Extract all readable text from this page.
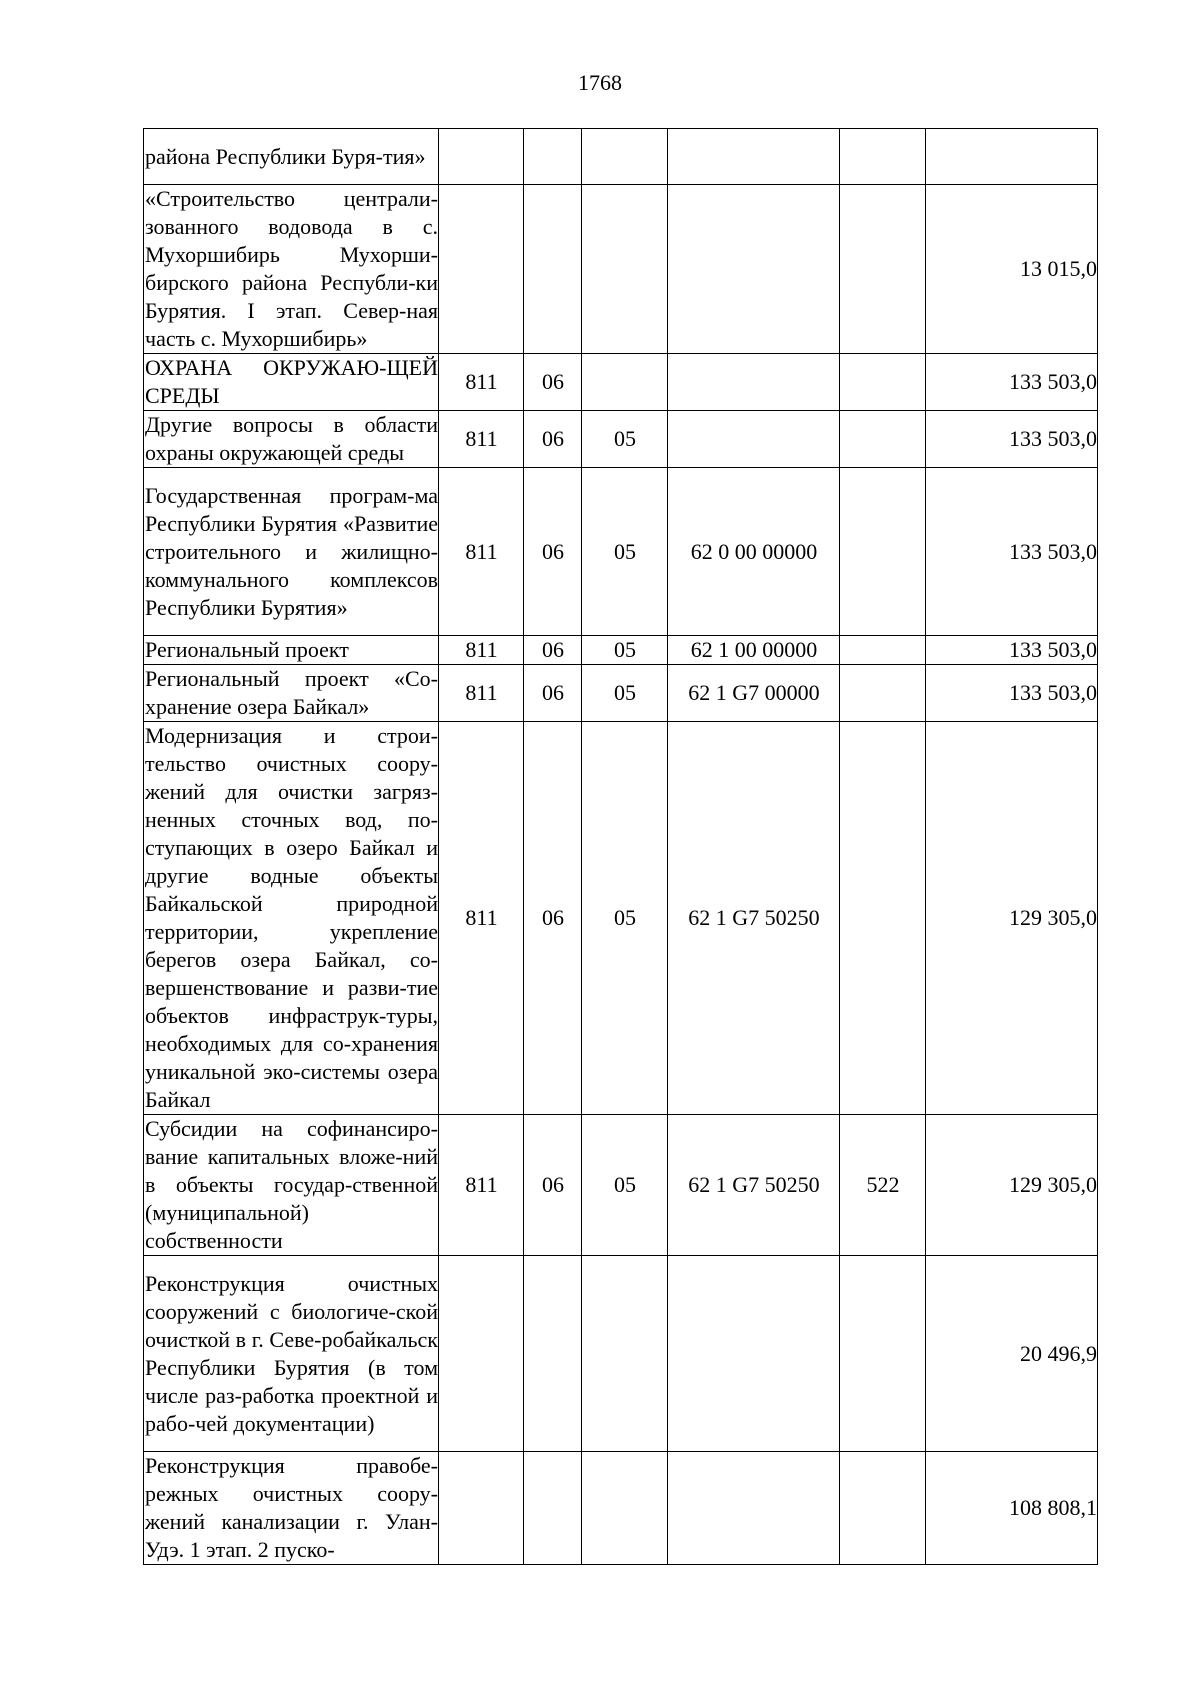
1768
района Республики Буря-тия»						
«Строительство централи-зованного водовода в с. Мухоршибирь Мухорши-бирского района Республи-ки Бурятия. I этап. Север-ная часть с. Мухоршибирь»						13 015,0
ОХРАНА ОКРУЖАЮ-ЩЕЙ СРЕДЫ	811	06				133 503,0
Другие вопросы в области охраны окружающей среды	811	06	05			133 503,0
Государственная програм-ма Республики Бурятия «Развитие строительного и жилищно-коммунального комплексов Республики Бурятия»	811	06	05	62 0 00 00000		133 503,0
Региональный проект	811	06	05	62 1 00 00000		133 503,0
Региональный проект «Со-хранение озера Байкал»	811	06	05	62 1 G7 00000		133 503,0
Модернизация и строи-тельство очистных соору-жений для очистки загряз-ненных сточных вод, по-ступающих в озеро Байкал и другие водные объекты Байкальской природной территории, укрепление берегов озера Байкал, со-вершенствование и разви-тие объектов инфраструк-туры, необходимых для со-хранения уникальной эко-системы озера Байкал	811	06	05	62 1 G7 50250		129 305,0
Субсидии на софинансиро-вание капитальных вложе-ний в объекты государ-ственной (муниципальной) собственности	811	06	05	62 1 G7 50250	522	129 305,0
Реконструкция очистных сооружений с биологиче-ской очисткой в г. Севе-робайкальск Республики Бурятия (в том числе раз-работка проектной и рабо-чей документации)						20 496,9
Реконструкция правобе-режных очистных соору-жений канализации г. Улан-Удэ. 1 этап. 2 пуско-						108 808,1
